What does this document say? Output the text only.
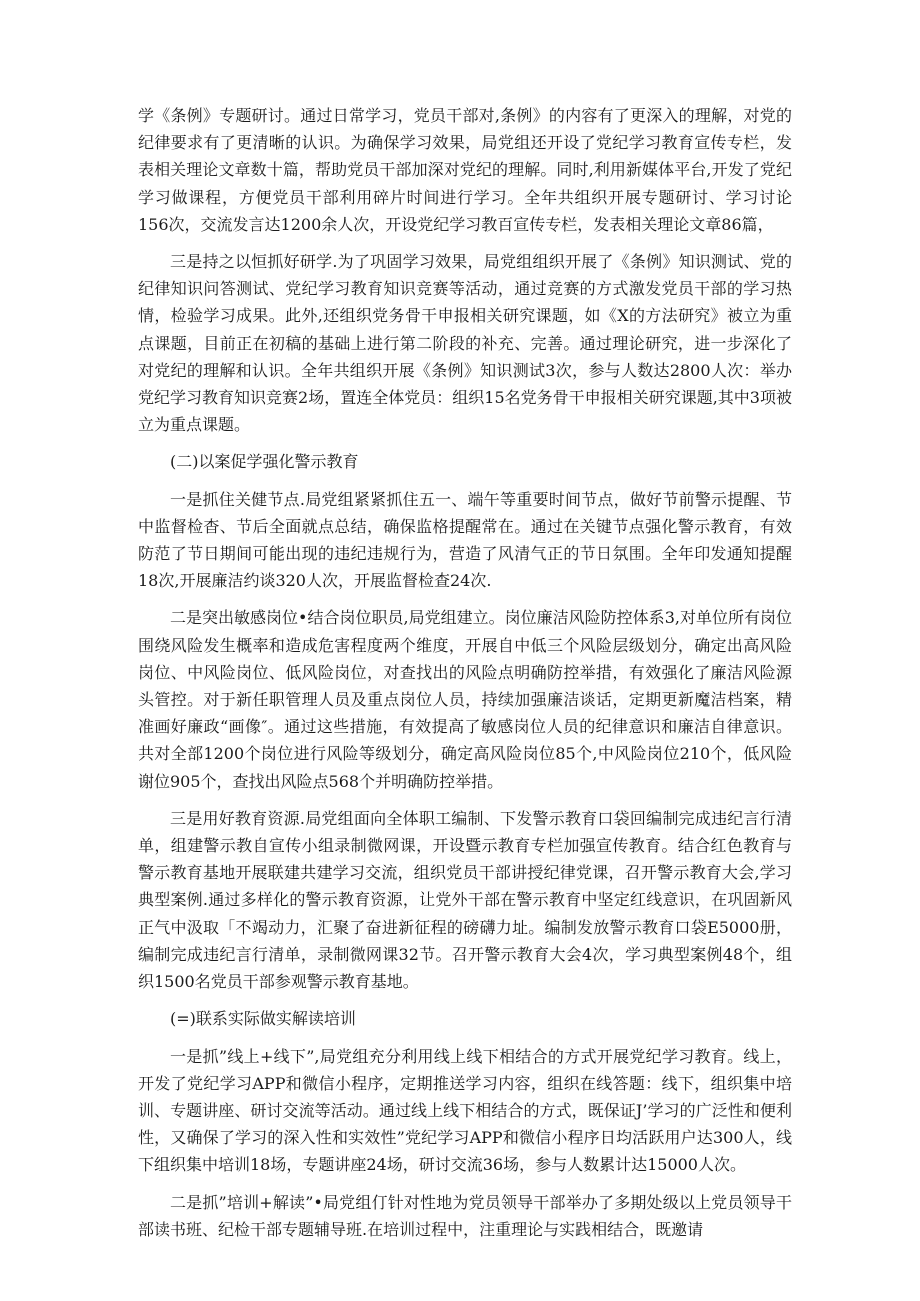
学《条例》专题研讨。通过日常学习，党员干部对,条例》的内容有了更深入的理解，对党的纪律要求有了更清晰的认识。为确保学习效果，局党组还开设了党纪学习教育宣传专栏，发表相关理论文章数十篇，帮助党员干部加深对党纪的理解。同时,利用新媒体平台,开发了党纪学习做课程，方便党员干部利用碎片时间进行学习。全年共组织开展专题研讨、学习讨论156次，交流发言达1200余人次，开设党纪学习教百宣传专栏，发表相关理论文章86篇，

三是持之以恒抓好研学.为了巩固学习效果，局党组组织开展了《条例》知识测试、党的纪律知识问答测试、党纪学习教育知识竞赛等活动，通过竞赛的方式激发党员干部的学习热情，检验学习成果。此外,还组织党务骨干申报相关研究课题，如《X的方法研究》被立为重点课题，目前正在初稿的基础上进行第二阶段的补充、完善。通过理论研究，进一步深化了对党纪的理解和认识。全年共组织开展《条例》知识测试3次，参与人数达2800人次：举办党纪学习教育知识竞赛2场，置连全体党员：组织15名党务骨干申报相关研究课题,其中3项被立为重点课题。

(二)以案促学强化警示教育

一是抓住关健节点.局党组紧紧抓住五一、端午等重要时间节点，做好节前警示提醒、节中监督检杳、节后全面就点总结，确保监格提醒常在。通过在关键节点强化警示教育，有效防范了节日期间可能出现的违纪违规行为，营造了风清气正的节日氛围。全年印发通知提醒18次,开展廉洁约谈320人次，开展监督检查24次.

二是突出敏感岗位•结合岗位职员,局党组建立。岗位廉洁风险防控体系3,对单位所有岗位围绕风险发生概率和造成危害程度两个维度，开展自中低三个风险层级划分，确定出高风险岗位、中风险岗位、低风险岗位，对查找出的风险点明确防控举措，有效强化了廉洁风险源头管控。对于新任职管理人员及重点岗位人员，持续加强廉洁谈话，定期更新魔洁档案，精准画好廉政“画像″。通过这些措施，有效提高了敏感岗位人员的纪律意识和廉洁自律意识。共对全部1200个岗位进行风险等级划分，确定高风险岗位85个,中风险岗位210个，低风险谢位905个，查找出风险点568个并明确防控举措。

三是用好教育资源.局党组面向全体职工编制、下发警示教育口袋回编制完成违纪言行清单，组建警示教自宣传小组录制微网课，开设暨示教育专栏加强宣传教育。结合红色教育与警示教育基地开展联建共建学习交流，组织党员干部讲授纪律党课，召开警示教育大会,学习典型案例.通过多样化的警示教育资源，让党外干部在警示教育中坚定红线意识，在巩固新风正气中汲取「不竭动力，汇聚了奋进新征程的磅礴力址。编制发放警示教育口袋E5000册，编制完成违纪言行清单，录制微网课32节。召开警示教育大会4次，学习典型案例48个，组织1500名党员干部参观警示教育基地。

(=)联系实际做实解读培训

一是抓”线上+线下”,局党组充分利用线上线下相结合的方式开展党纪学习教育。线上，开发了党纪学习APP和微信小程序，定期推送学习内容，组织在线答题：线下，组织集中培训、专题讲座、研讨交流等活动。通过线上线下相结合的方式，既保证J’学习的广泛性和便利性，又确保了学习的深入性和实效性”党纪学习APP和微信小程序日均活跃用户达300人，线下组织集中培训18场，专题讲座24场，研讨交流36场，参与人数累计达15000人次。

二是抓”培训+解读”•局党组仃针对性地为党员领导干部举办了多期处级以上党员领导干部读书班、纪检干部专题辅导班.在培训过程中，注重理论与实践相结合，既邀请
